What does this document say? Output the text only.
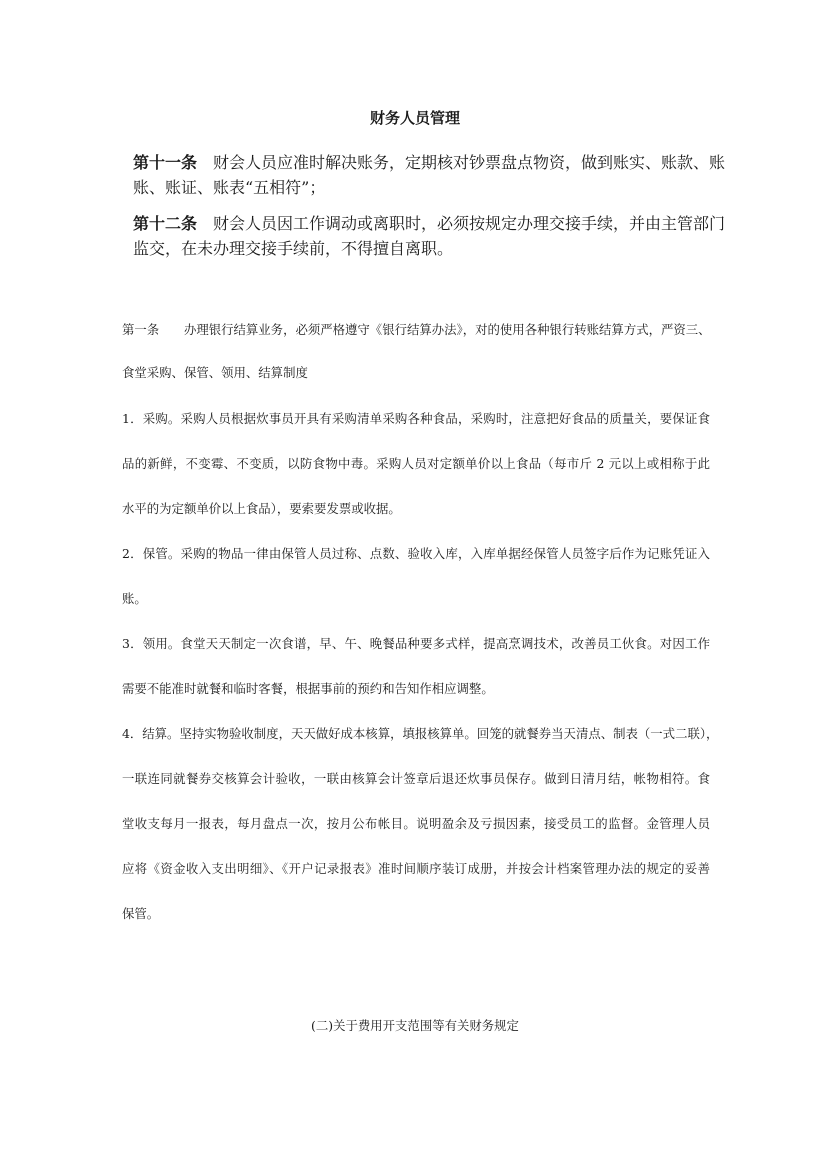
财务人员管理
第十一条　 财会人员应准时解决账务，定期核对钞票盘点物资，做到账实、账款、账
账、账证、账表“五相符”；
第十二条　 财会人员因工作调动或离职时，必须按规定办理交接手续，并由主管部门
监交，在未办理交接手续前，不得擅自离职。
第一条　　办理银行结算业务，必须严格遵守《银行结算办法》，对的使用各种银行转账结算方式，严资三、
食堂采购、保管、领用、结算制度
1．采购。采购人员根据炊事员开具有采购清单采购各种食品，采购时，注意把好食品的质量关，要保证食
品的新鲜，不变霉、不变质，以防食物中毒。采购人员对定额单价以上食品（每市斤 2 元以上或相称于此
水平的为定额单价以上食品），要索要发票或收据。
2．保管。采购的物品一律由保管人员过称、点数、验收入库，入库单据经保管人员签字后作为记账凭证入
账。
3．领用。食堂天天制定一次食谱，早、午、晚餐品种要多式样，提高烹调技术，改善员工伙食。对因工作
需要不能准时就餐和临时客餐，根据事前的预约和告知作相应调整。
4．结算。坚持实物验收制度，天天做好成本核算，填报核算单。回笼的就餐券当天清点、制表（一式二联），
一联连同就餐券交核算会计验收，一联由核算会计签章后退还炊事员保存。做到日清月结，帐物相符。食
堂收支每月一报表，每月盘点一次，按月公布帐目。说明盈余及亏损因素，接受员工的监督。金管理人员
应将《资金收入支出明细》、《开户记录报表》准时间顺序装订成册，并按会计档案管理办法的规定的妥善
保管。
(二)关于费用开支范围等有关财务规定
